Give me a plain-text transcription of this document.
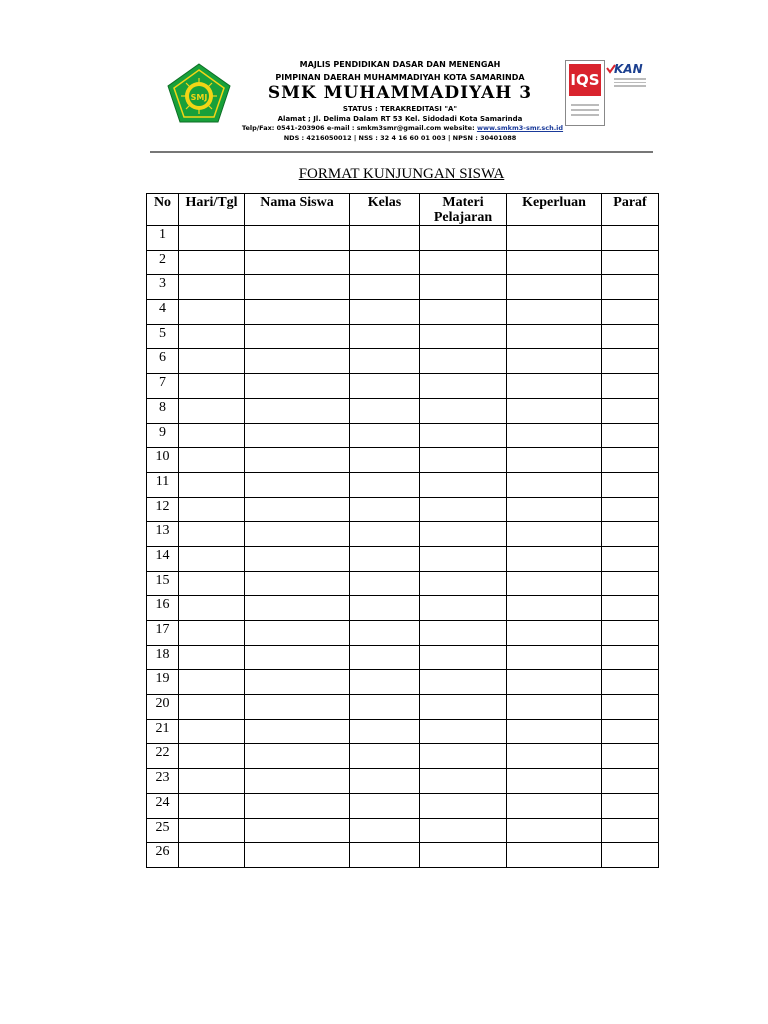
SMJ
MAJLIS PENDIDIKAN DASAR DAN MENENGAH
PIMPINAN DAERAH MUHAMMADIYAH KOTA SAMARINDA
SMK MUHAMMADIYAH 3
STATUS : TERAKREDITASI "A"
Alamat ; Jl. Delima Dalam RT 53 Kel. Sidodadi Kota Samarinda
Telp/Fax: 0541-203906 e-mail : smkm3smr@gmail.com website: www.smkm3-smr.sch.id
NDS : 4216050012 | NSS : 32 4 16 60 01 003 | NPSN : 30401088
IQS
KAN
FORMAT KUNJUNGAN SISWA
No	Hari/Tgl	Nama Siswa	Kelas	Materi Pelajaran	Keperluan	Paraf
1						
2						
3						
4						
5						
6						
7						
8						
9						
10						
11						
12						
13						
14						
15						
16						
17						
18						
19						
20						
21						
22						
23						
24						
25						
26						
